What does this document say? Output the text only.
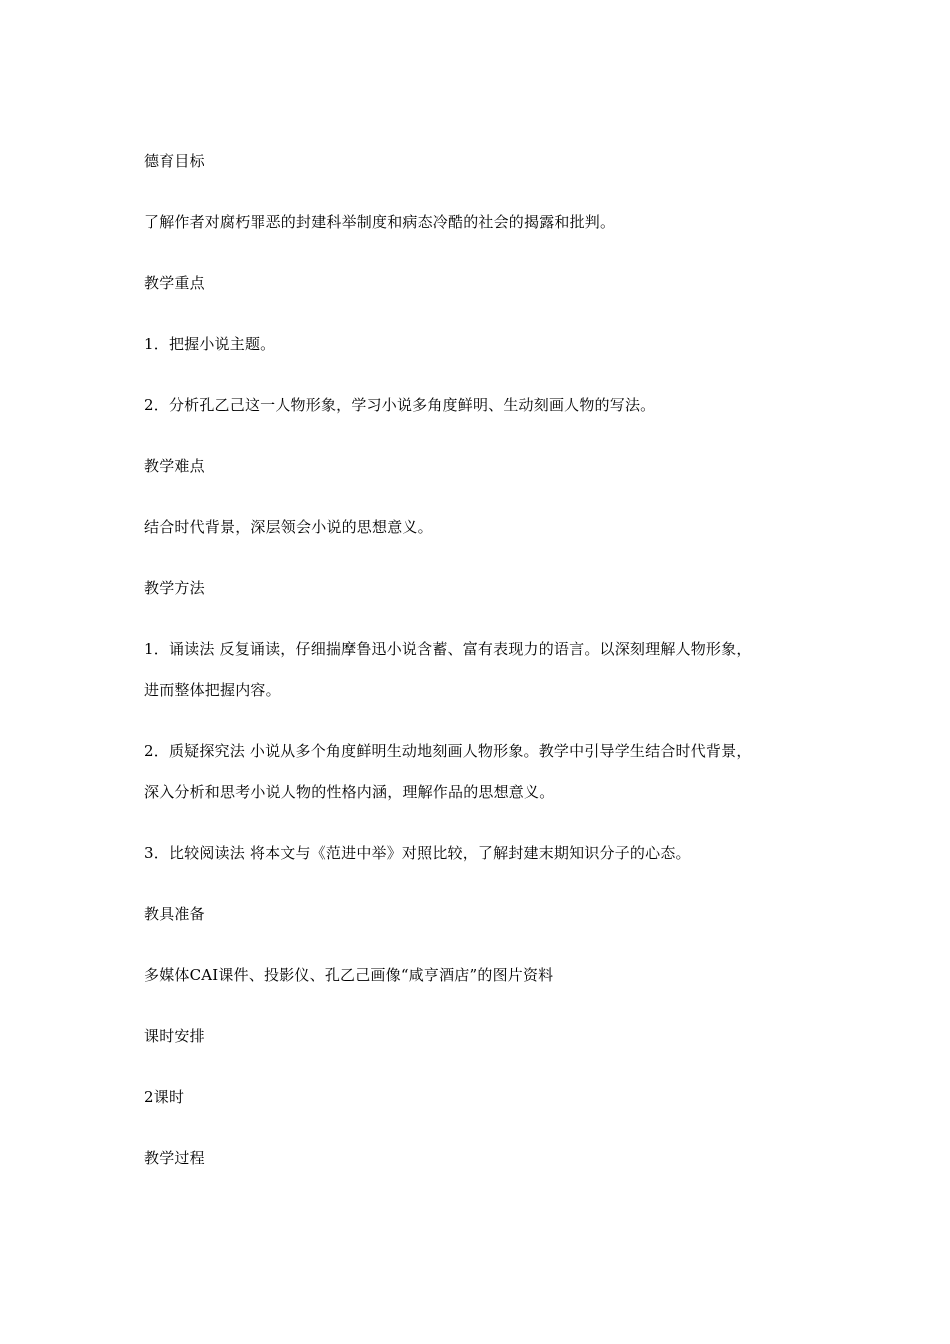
德育目标
了解作者对腐朽罪恶的封建科举制度和病态冷酷的社会的揭露和批判。
教学重点
1．把握小说主题。
2．分析孔乙己这一人物形象，学习小说多角度鲜明、生动刻画人物的写法。
教学难点
结合时代背景，深层领会小说的思想意义。
教学方法
1．诵读法 反复诵读，仔细揣摩鲁迅小说含蓄、富有表现力的语言。以深刻理解人物形象，
进而整体把握内容。
2．质疑探究法 小说从多个角度鲜明生动地刻画人物形象。教学中引导学生结合时代背景，
深入分析和思考小说人物的性格内涵，理解作品的思想意义。
3．比较阅读法 将本文与《范进中举》对照比较，了解封建末期知识分子的心态。
教具准备
多媒体CAI课件、投影仪、孔乙己画像“咸亨酒店”的图片资料
课时安排
2课时
教学过程
